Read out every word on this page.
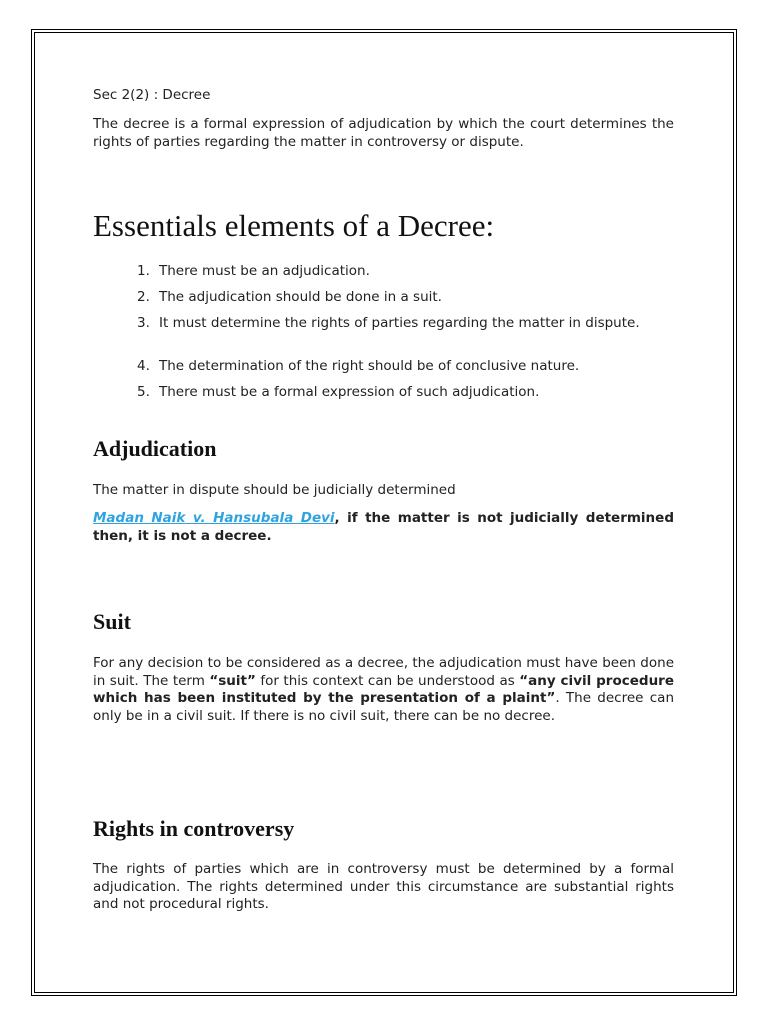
Sec 2(2) : Decree
The decree is a formal expression of adjudication by which the court determines the rights of parties regarding the matter in controversy or dispute.
Essentials elements of a Decree:
1. There must be an adjudication.
2. The adjudication should be done in a suit.
3. It must determine the rights of parties regarding the matter in dispute.
4. The determination of the right should be of conclusive nature.
5. There must be a formal expression of such adjudication.
Adjudication
The matter in dispute should be judicially determined
Madan Naik v. Hansubala Devi, if the matter is not judicially determined then, it is not a decree.
Suit
For any decision to be considered as a decree, the adjudication must have been done in suit. The term “suit” for this context can be understood as “any civil procedure which has been instituted by the presentation of a plaint”. The decree can only be in a civil suit. If there is no civil suit, there can be no decree.
Rights in controversy
The rights of parties which are in controversy must be determined by a formal adjudication. The rights determined under this circumstance are substantial rights and not procedural rights.
